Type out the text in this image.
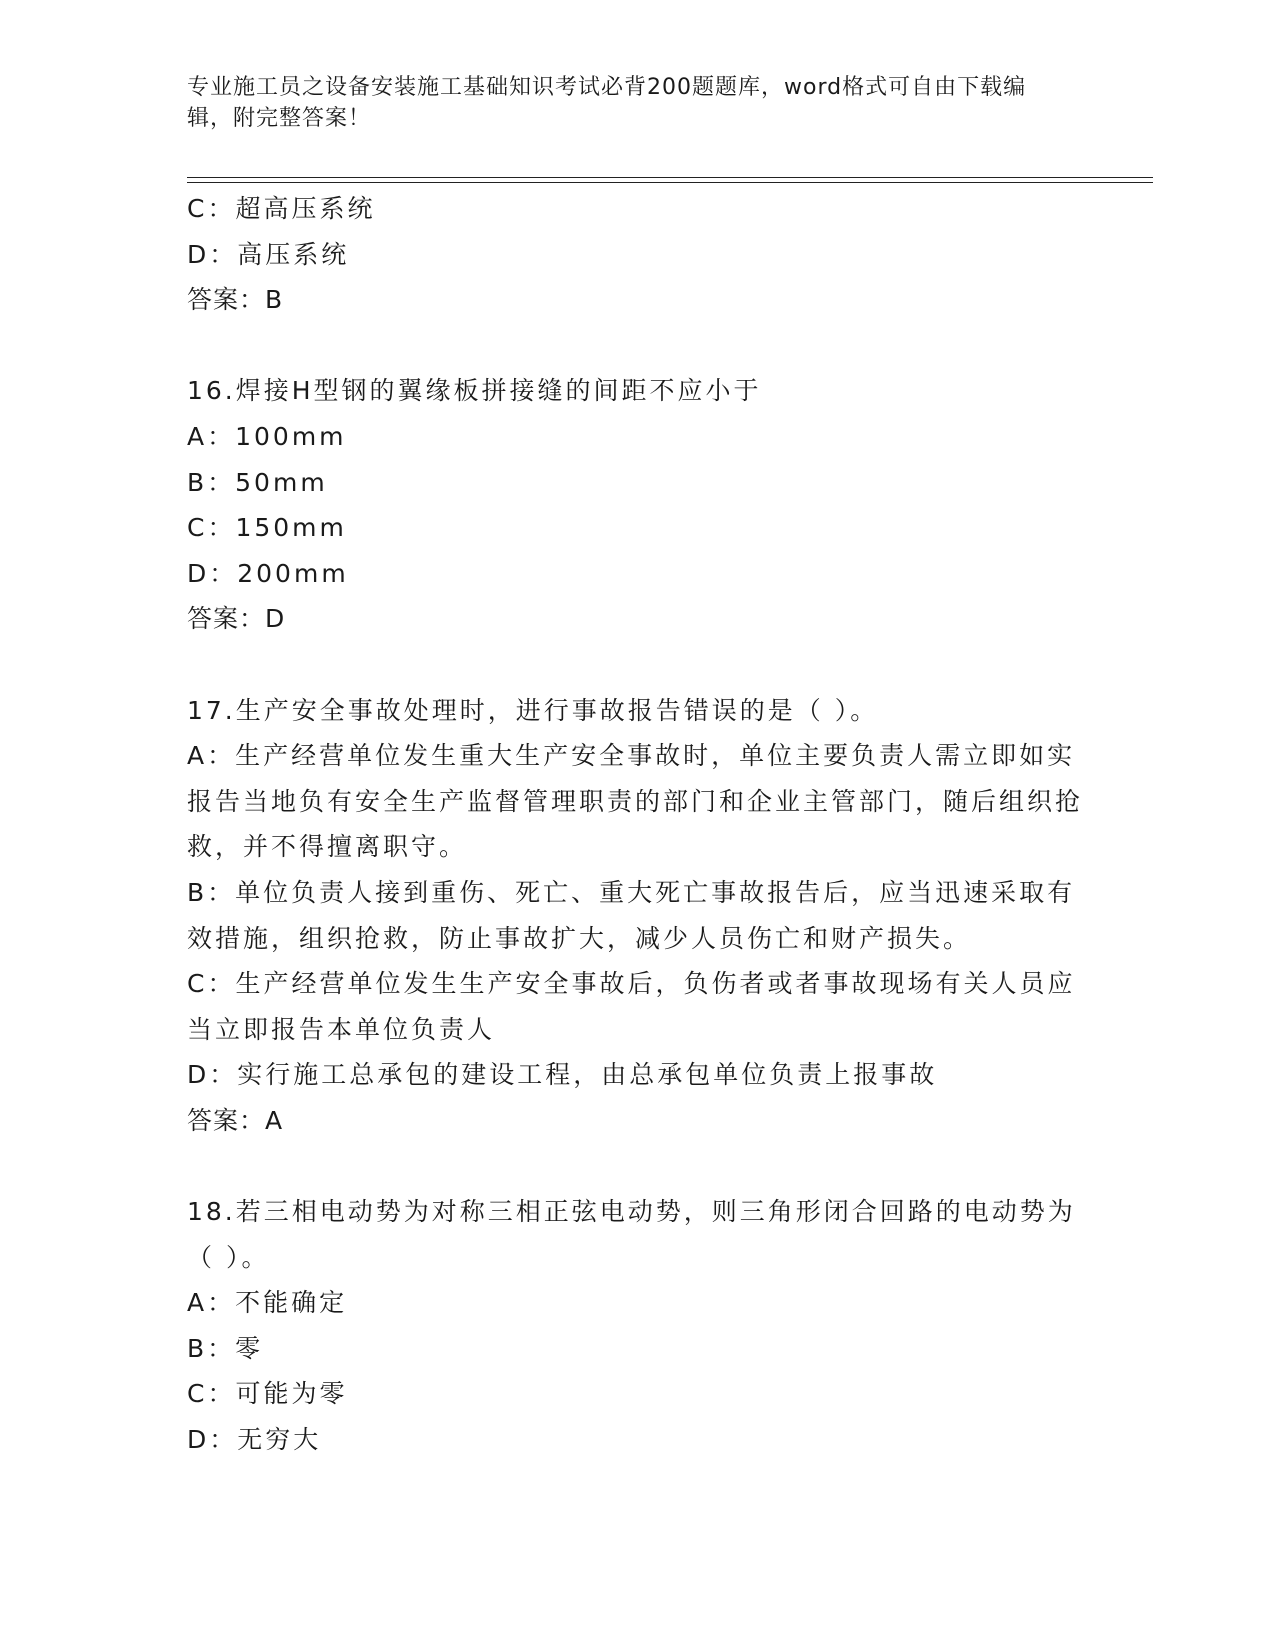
专业施工员之设备安装施工基础知识考试必背200题题库，word格式可自由下载编辑，附完整答案！
C：超高压系统
D：高压系统
答案：B
16.焊接H型钢的翼缘板拼接缝的间距不应小于
A：100mm
B：50mm
C：150mm
D：200mm
答案：D
17.生产安全事故处理时，进行事故报告错误的是（ ）。
A：生产经营单位发生重大生产安全事故时，单位主要负责人需立即如实报告当地负有安全生产监督管理职责的部门和企业主管部门，随后组织抢救，并不得擅离职守。
B：单位负责人接到重伤、死亡、重大死亡事故报告后，应当迅速采取有效措施，组织抢救，防止事故扩大，减少人员伤亡和财产损失。
C：生产经营单位发生生产安全事故后，负伤者或者事故现场有关人员应当立即报告本单位负责人
D：实行施工总承包的建设工程，由总承包单位负责上报事故
答案：A
18.若三相电动势为对称三相正弦电动势，则三角形闭合回路的电动势为（ ）。
A：不能确定
B：零
C：可能为零
D：无穷大
